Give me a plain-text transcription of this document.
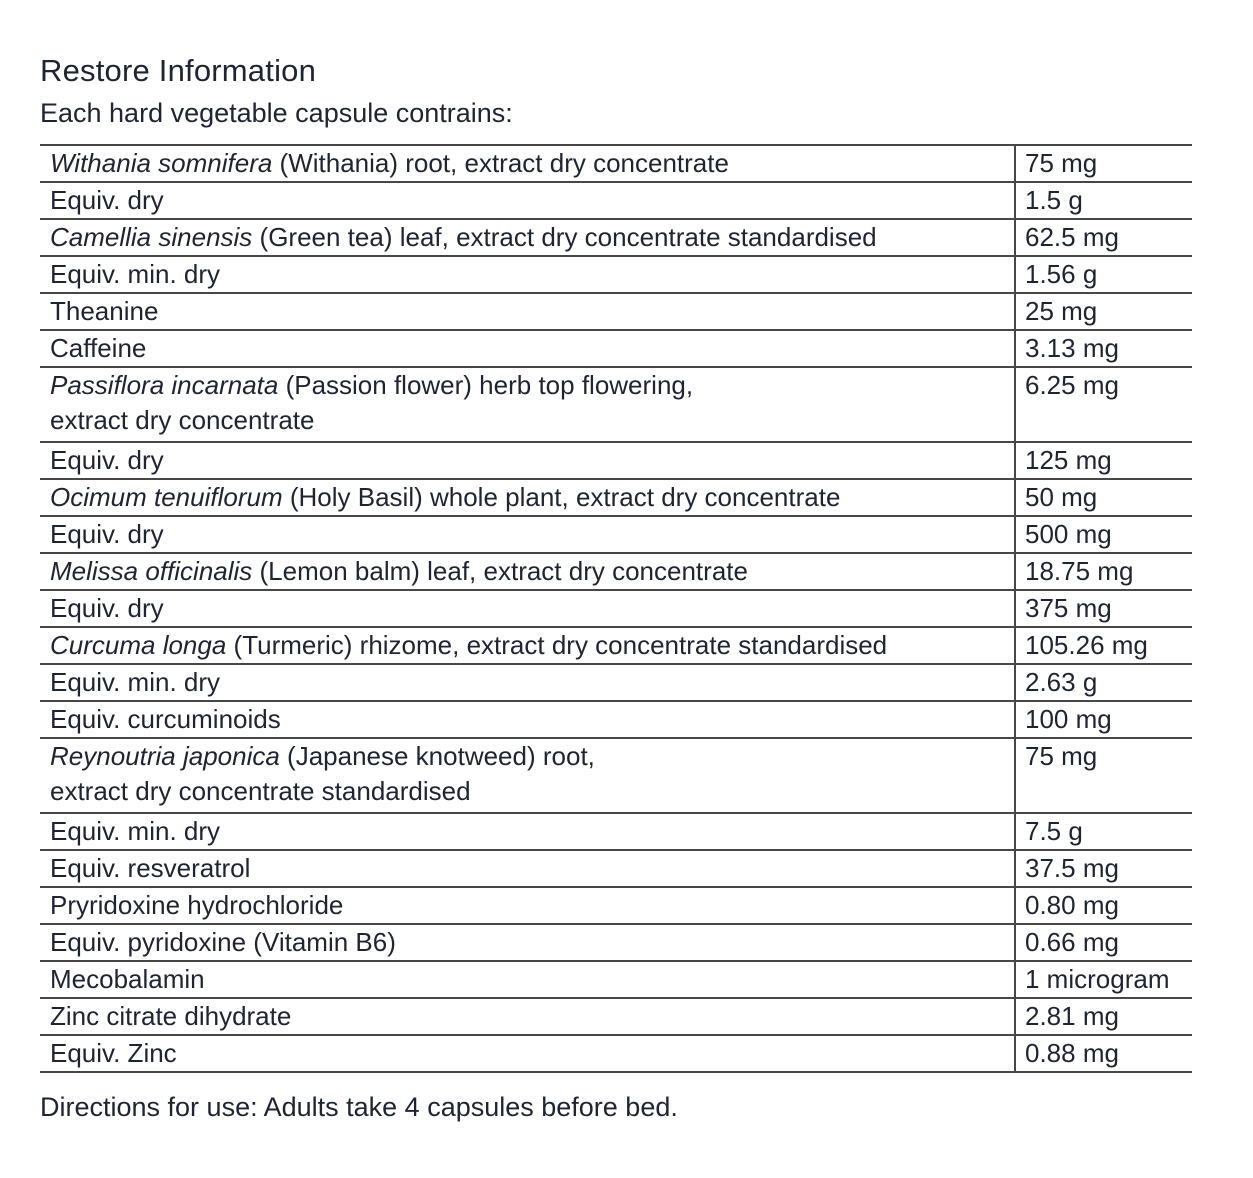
Restore Information

Each hard vegetable capsule contrains:

Withania somnifera (Withania) root, extract dry concentrate	75 mg
Equiv. dry	1.5 g
Camellia sinensis (Green tea) leaf, extract dry concentrate standardised	62.5 mg
Equiv. min. dry	1.56 g
Theanine	25 mg
Caffeine	3.13 mg
Passiflora incarnata (Passion flower) herb top flowering,
extract dry concentrate	6.25 mg
Equiv. dry	125 mg
Ocimum tenuiflorum (Holy Basil) whole plant, extract dry concentrate	50 mg
Equiv. dry	500 mg
Melissa officinalis (Lemon balm) leaf, extract dry concentrate	18.75 mg
Equiv. dry	375 mg
Curcuma longa (Turmeric) rhizome, extract dry concentrate standardised	105.26 mg
Equiv. min. dry	2.63 g
Equiv. curcuminoids	100 mg
Reynoutria japonica (Japanese knotweed) root,
extract dry concentrate standardised	75 mg
Equiv. min. dry	7.5 g
Equiv. resveratrol	37.5 mg
Pryridoxine hydrochloride	0.80 mg
Equiv. pyridoxine (Vitamin B6)	0.66 mg
Mecobalamin	1 microgram
Zinc citrate dihydrate	2.81 mg
Equiv. Zinc	0.88 mg

Directions for use: Adults take 4 capsules before bed.
